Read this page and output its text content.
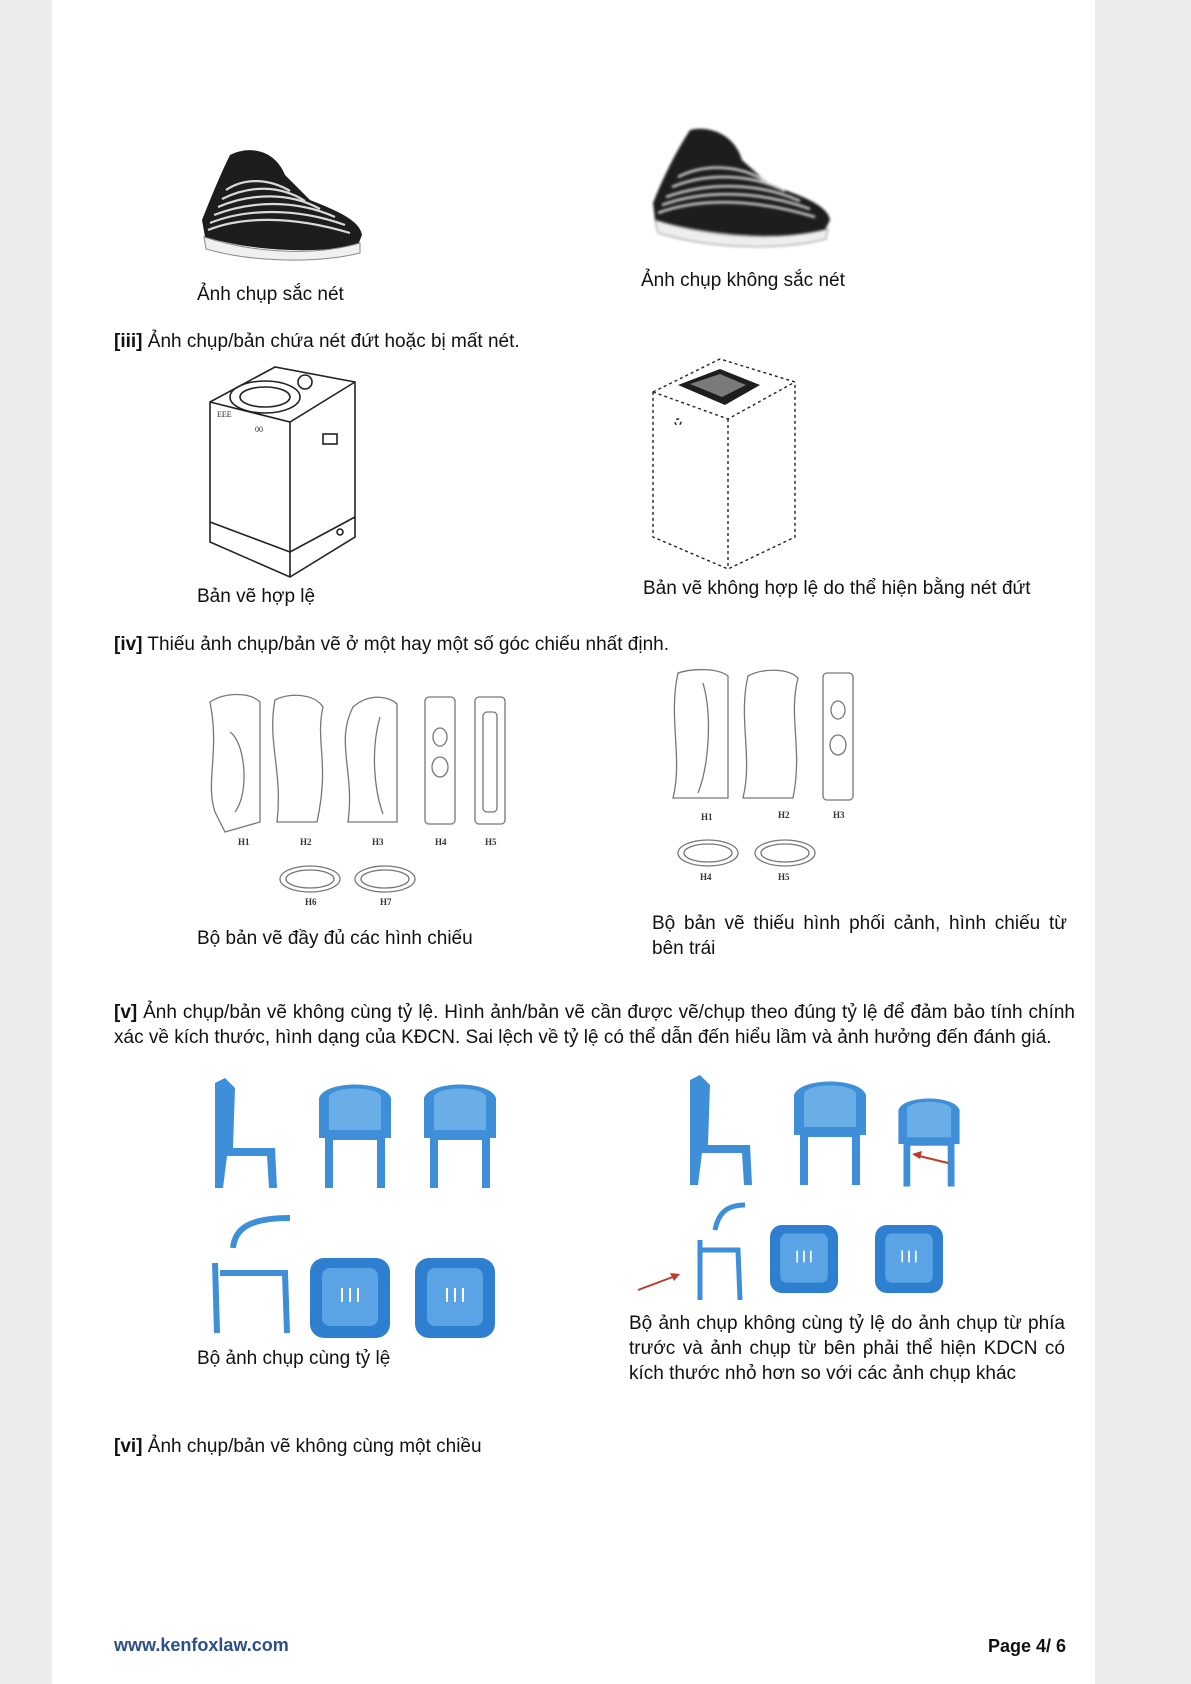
Ảnh chụp sắc nét
Ảnh chụp không sắc nét
[iii] Ảnh chụp/bản chứa nét đứt hoặc bị mất nét.
EEE
00
Bản vẽ hợp lệ	Bản vẽ không hợp lệ do thể hiện bằng nét đứt
[iv] Thiếu ảnh chụp/bản vẽ ở một hay một số góc chiếu nhất định.
H1	H2	H3	H4	H5
H6	H7
Bộ bản vẽ đầy đủ các hình chiếu
H1	H2	H3
H4	H5
Bộ bản vẽ thiếu hình phối cảnh, hình chiếu từ bên trái
[v] Ảnh chụp/bản vẽ không cùng tỷ lệ. Hình ảnh/bản vẽ cần được vẽ/chụp theo đúng tỷ lệ để đảm bảo tính chính xác về kích thước, hình dạng của KĐCN. Sai lệch về tỷ lệ có thể dẫn đến hiểu lầm và ảnh hưởng đến đánh giá.
Bộ ảnh chụp cùng tỷ lệ
Bộ ảnh chụp không cùng tỷ lệ do ảnh chụp từ phía trước và ảnh chụp từ bên phải thể hiện KDCN có kích thước nhỏ hơn so với các ảnh chụp khác
[vi] Ảnh chụp/bản vẽ không cùng một chiều
www.kenfoxlaw.com	Page 4/ 6
